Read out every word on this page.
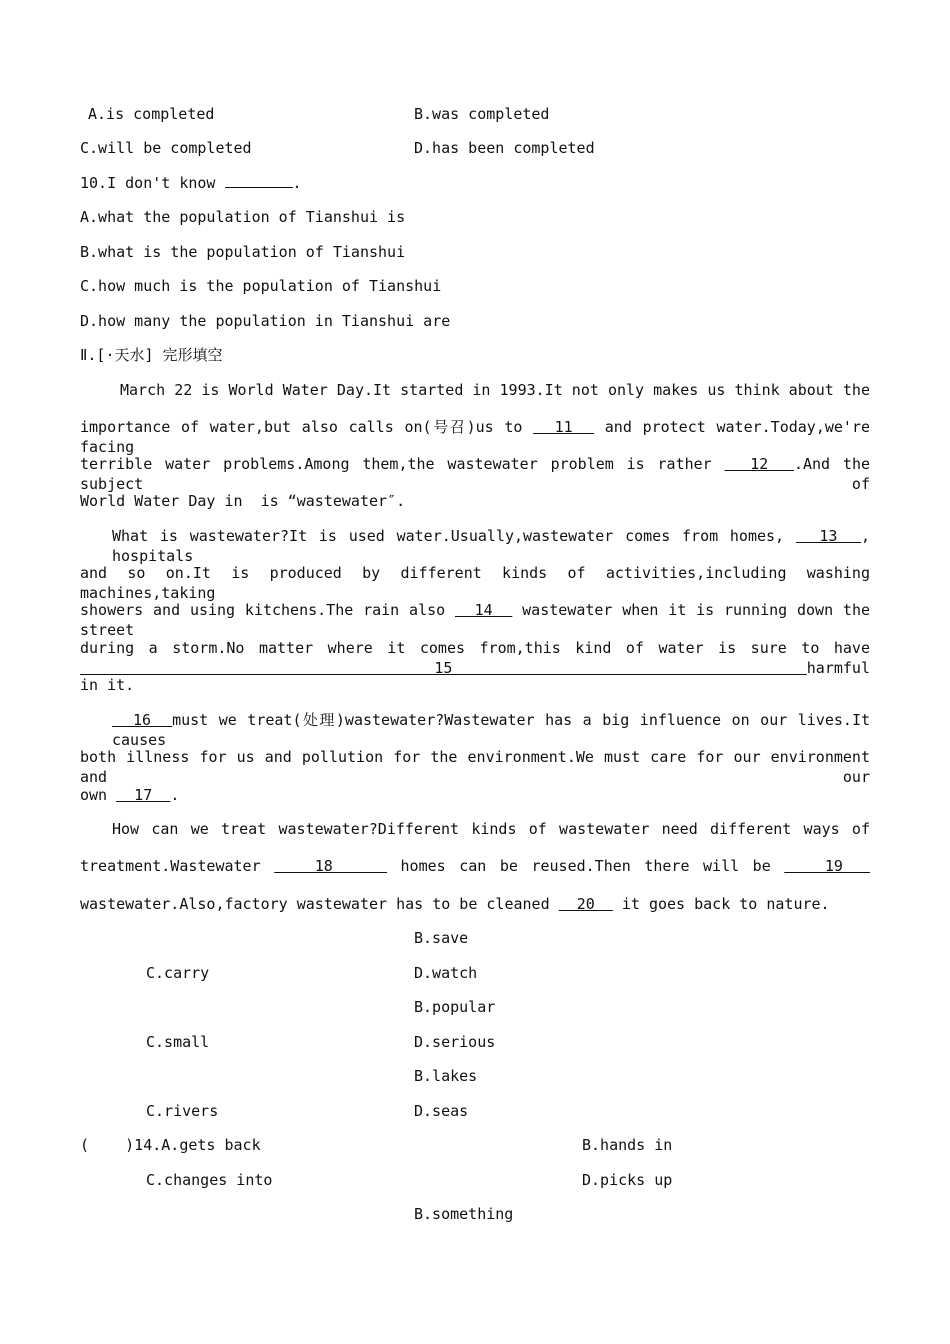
A.is completed	B.was completed
C.will be completed	D.has been completed
10.I don't know	.
A.what the population of Tianshui is
B.what is the population of Tianshui
C.how much is the population of Tianshui
D.how many the population in Tianshui are
Ⅱ.[·天水] 完形填空
March 22 is World Water Day.It started in 1993.It not only makes us think about the
importance of water,but also calls on(号召)us to   11   and protect water.Today,we're facing
terrible water problems.Among them,the wastewater problem is rather   12  .And the subject of
World Water Day in  is “wastewater″.
What is wastewater?It is used water.Usually,wastewater comes from homes,   13  , hospitals
and so on.It is produced by different kinds of activities,including washing machines,taking
showers and using kitchens.The rain also   14   wastewater when it is running down the street
during a storm.No matter where it comes from,this kind of water is sure to have   15  harmful
in it.
16  must we treat(处理)wastewater?Wastewater has a big influence on our lives.It causes
both illness for us and pollution for the environment.We must care for our environment and our
own   17  .
How can we treat wastewater?Different kinds of wastewater need different ways of
treatment.Wastewater    18     homes can be reused.Then there will be    19
wastewater.Also,factory wastewater has to be cleaned   20   it goes back to nature.
B.save
C.carry	D.watch
B.popular
C.small	D.serious
B.lakes
C.rivers	D.seas
(    )14.A.gets back	B.hands in
C.changes into	D.picks up
B.something
